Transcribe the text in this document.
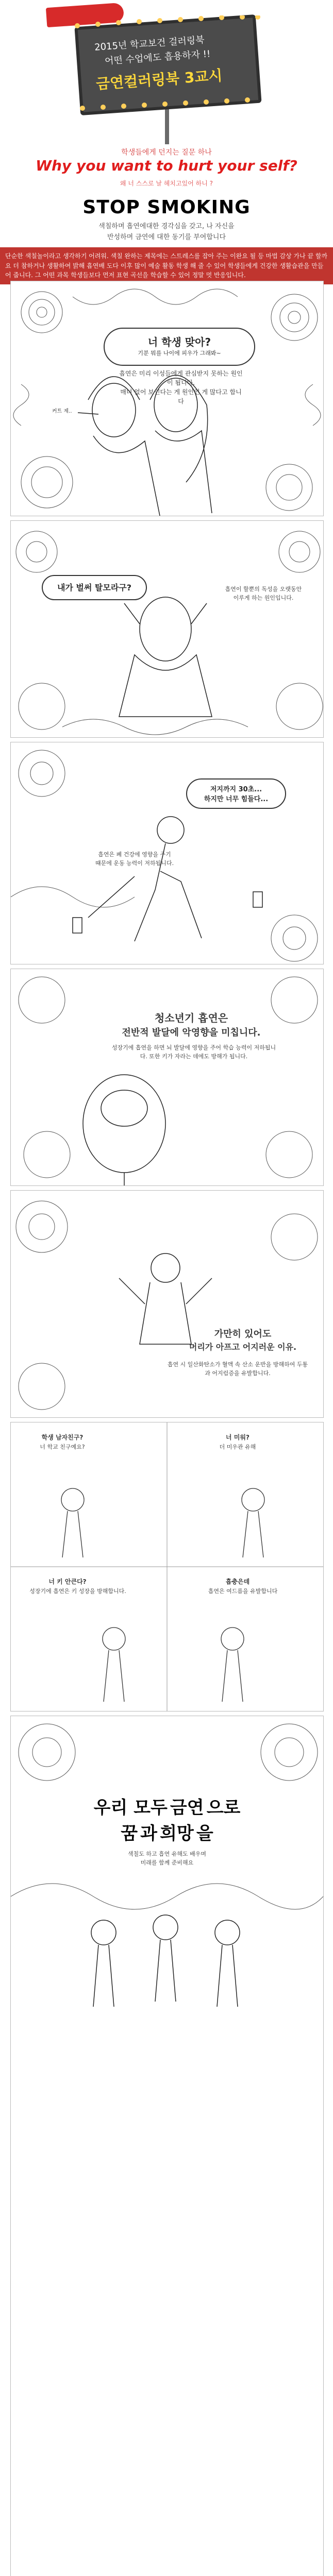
2015년 학교보건 걸러링북
어떤 수업에도 흡용하자 !!
금연컬러링북 3교시
학생들에게 던지는 질문 하나
Why you want to hurt your self?
왜 너 스스로 날 헤치고있어 하니 ?
STOP SMOKING
색칠하며 흡연에대한 경각심을 갖고, 나 자신을
반성하며 금연에 대한 동기를 부여합니다
단순한 색칠놀이라고 생각하기 어려워. 색칠 완하는 제목에는 스트레스를 잡아 주는 이완요 될 등 마법 감상 가나 끝 할까요 더 참하거나 생활하여 밝해 흡연배 도다 이후 많이 예술 활동 학생 해 줄 수 있어 학생들에게 건강한 생활습관을 만들어 줍니다. 그 어떤 과목 학생들보다 먼저 표현 곡선을 학습할 수 있어 정말 멋 반응입니다.
너 학생 맞아?
기분 뭐를 나이에 피우가 그래봐~
흡연은 미리 이성들에게 관심받지 못하는 원인이 됩니다.
매너 없어 보인다는 게 원인인 게 많다고 합니다
커트 제..
내가 벌써 탈모라구?	흡연이 할뿐의 독성을 오랫동안 이루게 하는 원인입니다.
저지까지 30초...
하지만 너무 힘들다...
흡연은 폐 건강에 영향을 주기
떄문에 운동 능력이 저하됩니다.
청소년기 흡연은
전반적 발달에 악영향을 미칩니다.
성장기에 흡연을 하면 뇌 발달에 영향을 주어 학습 능력이 저하됩니다. 또한 키가 자라는 데에도 방해가 됩니다.
가만히 있어도
머리가 아프고 어지러운 이유.
흡연 시 일산화탄소가 혈액 속 산소 운반을 방해하여 두통과 어지럼증을 유발합니다.
학생 남자친구?
너 학교 친구예요?
너 미워?
더 미우관 유해
너 키 안큰다?
성장기에 흡연은 키 성장을 방해합니다.
흡충은데
흡연은 여드름을 유발합니다
우리 모두 금연 으로
꿈 과 희망 을
색칠도 하고 흡연 유해도 배우며
미래를 함께 준비해요
